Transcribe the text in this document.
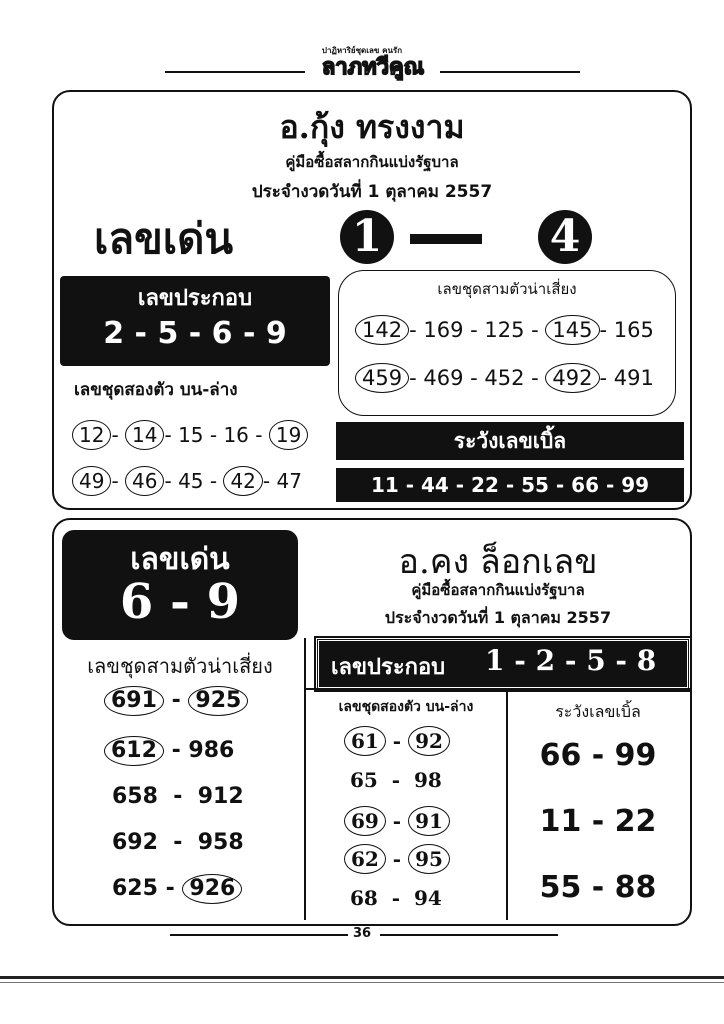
ปาฏิหาริย์ชุดเลข คนรัก
ลาภทวีคูณ
อ.กุ้ง ทรงงาม
คู่มือซื้อสลากกินแบ่งรัฐบาล
ประจำงวดวันที่ 1 ตุลาคม 2557
เลขเด่น	1	4
เลขประกอบ
2 - 5 - 6 - 9
เลขชุดสามตัวน่าเสี่ยง
142 - 169 - 125 - 145 - 165
459 - 469 - 452 - 492 - 491
เลขชุดสองตัว บน-ล่าง
12 - 14 - 15 - 16 - 19
49 - 46 - 45 - 42 - 47
ระวังเลขเบิ้ล
11 - 44 - 22 - 55 - 66 - 99
เลขเด่น
6 - 9
เลขชุดสามตัวน่าเสี่ยง
691 - 925
612 - 986
658  -  912
692  -  958
625 - 926
อ.คง ล็อกเลข
คู่มือซื้อสลากกินแบ่งรัฐบาล
ประจำงวดวันที่ 1 ตุลาคม 2557
เลขประกอบ 1 - 2 - 5 - 8
เลขชุดสองตัว บน-ล่าง
61 - 92
65  -  98
69 - 91
62 - 95
68  -  94
ระวังเลขเบิ้ล
66 - 99
11 - 22
55 - 88
36
